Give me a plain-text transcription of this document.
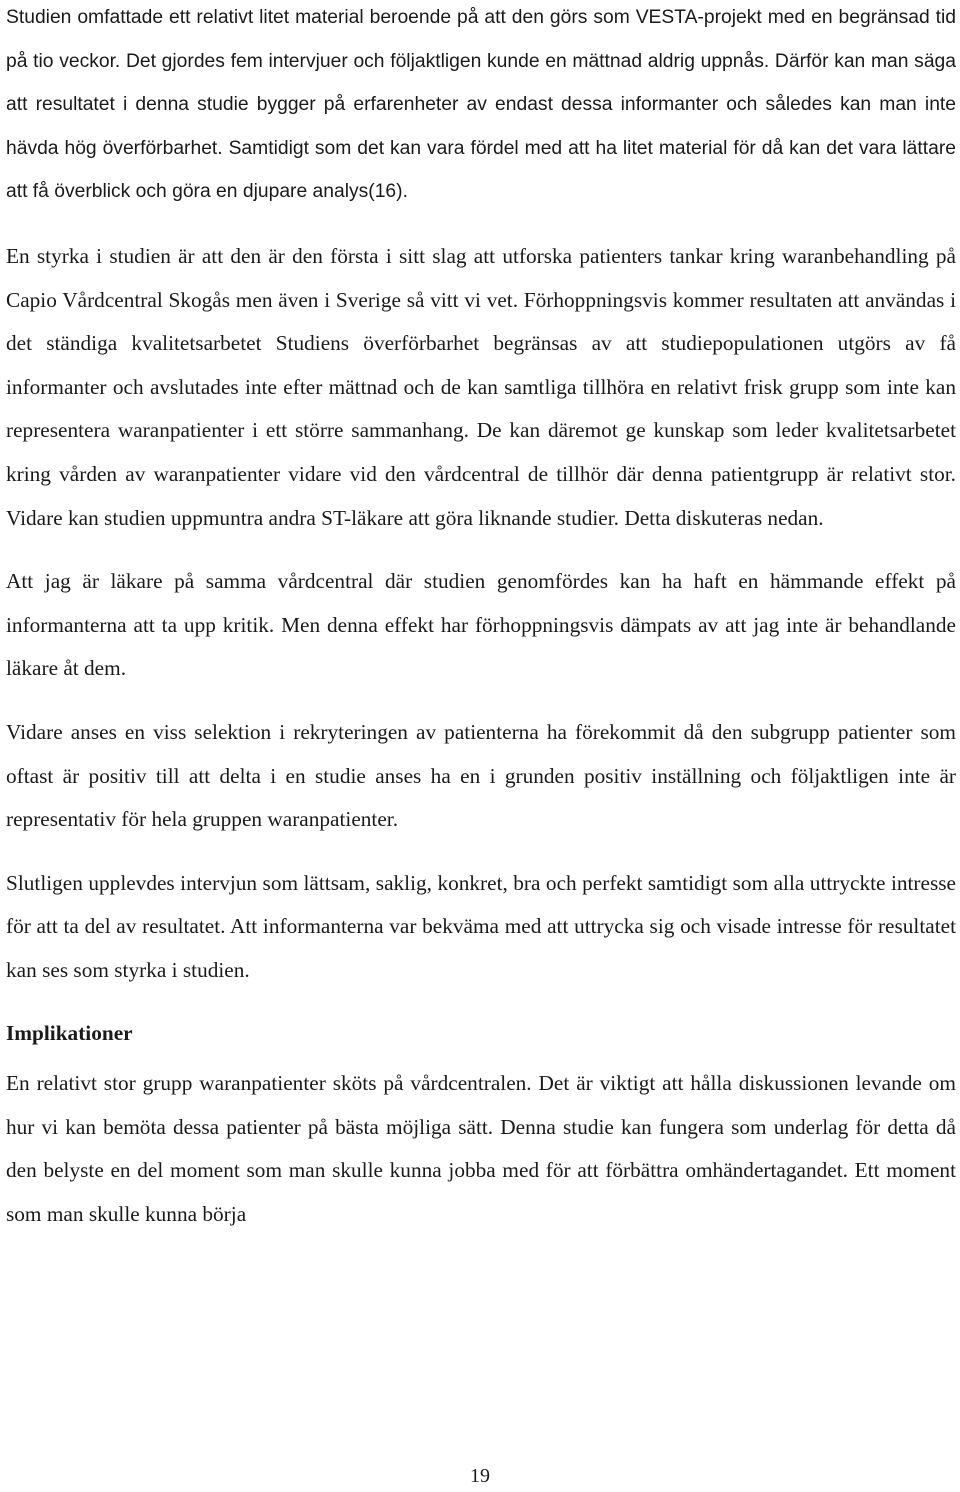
Studien omfattade ett relativt litet material beroende på att den görs som VESTA-projekt med en begränsad tid på tio veckor. Det gjordes fem intervjuer och följaktligen kunde en mättnad aldrig uppnås. Därför kan man säga att resultatet i denna studie bygger på erfarenheter av endast dessa informanter och således kan man inte hävda hög överförbarhet. Samtidigt som det kan vara fördel med att ha litet material för då kan det vara lättare att få överblick och göra en djupare analys(16).

En styrka i studien är att den är den första i sitt slag att utforska patienters tankar kring waranbehandling på Capio Vårdcentral Skogås men även i Sverige så vitt vi vet. Förhoppningsvis kommer resultaten att användas i det ständiga kvalitetsarbetet Studiens överförbarhet begränsas av att studiepopulationen utgörs av få informanter och avslutades inte efter mättnad och de kan samtliga tillhöra en relativt frisk grupp som inte kan representera waranpatienter i ett större sammanhang. De kan däremot ge kunskap som leder kvalitetsarbetet kring vården av waranpatienter vidare vid den vårdcentral de tillhör där denna patientgrupp är relativt stor. Vidare kan studien uppmuntra andra ST-läkare att göra liknande studier. Detta diskuteras nedan.

Att jag är läkare på samma vårdcentral där studien genomfördes kan ha haft en hämmande effekt på informanterna att ta upp kritik. Men denna effekt har förhoppningsvis dämpats av att jag inte är behandlande läkare åt dem.

Vidare anses en viss selektion i rekryteringen av patienterna ha förekommit då den subgrupp patienter som oftast är positiv till att delta i en studie anses ha en i grunden positiv inställning och följaktligen inte är representativ för hela gruppen waranpatienter.

Slutligen upplevdes intervjun som lättsam, saklig, konkret, bra och perfekt samtidigt som alla uttryckte intresse för att ta del av resultatet. Att informanterna var bekväma med att uttrycka sig och visade intresse för resultatet kan ses som styrka i studien.

Implikationer

En relativt stor grupp waranpatienter sköts på vårdcentralen. Det är viktigt att hålla diskussionen levande om hur vi kan bemöta dessa patienter på bästa möjliga sätt. Denna studie kan fungera som underlag för detta då den belyste en del moment som man skulle kunna jobba med för att förbättra omhändertagandet. Ett moment som man skulle kunna börja

19
